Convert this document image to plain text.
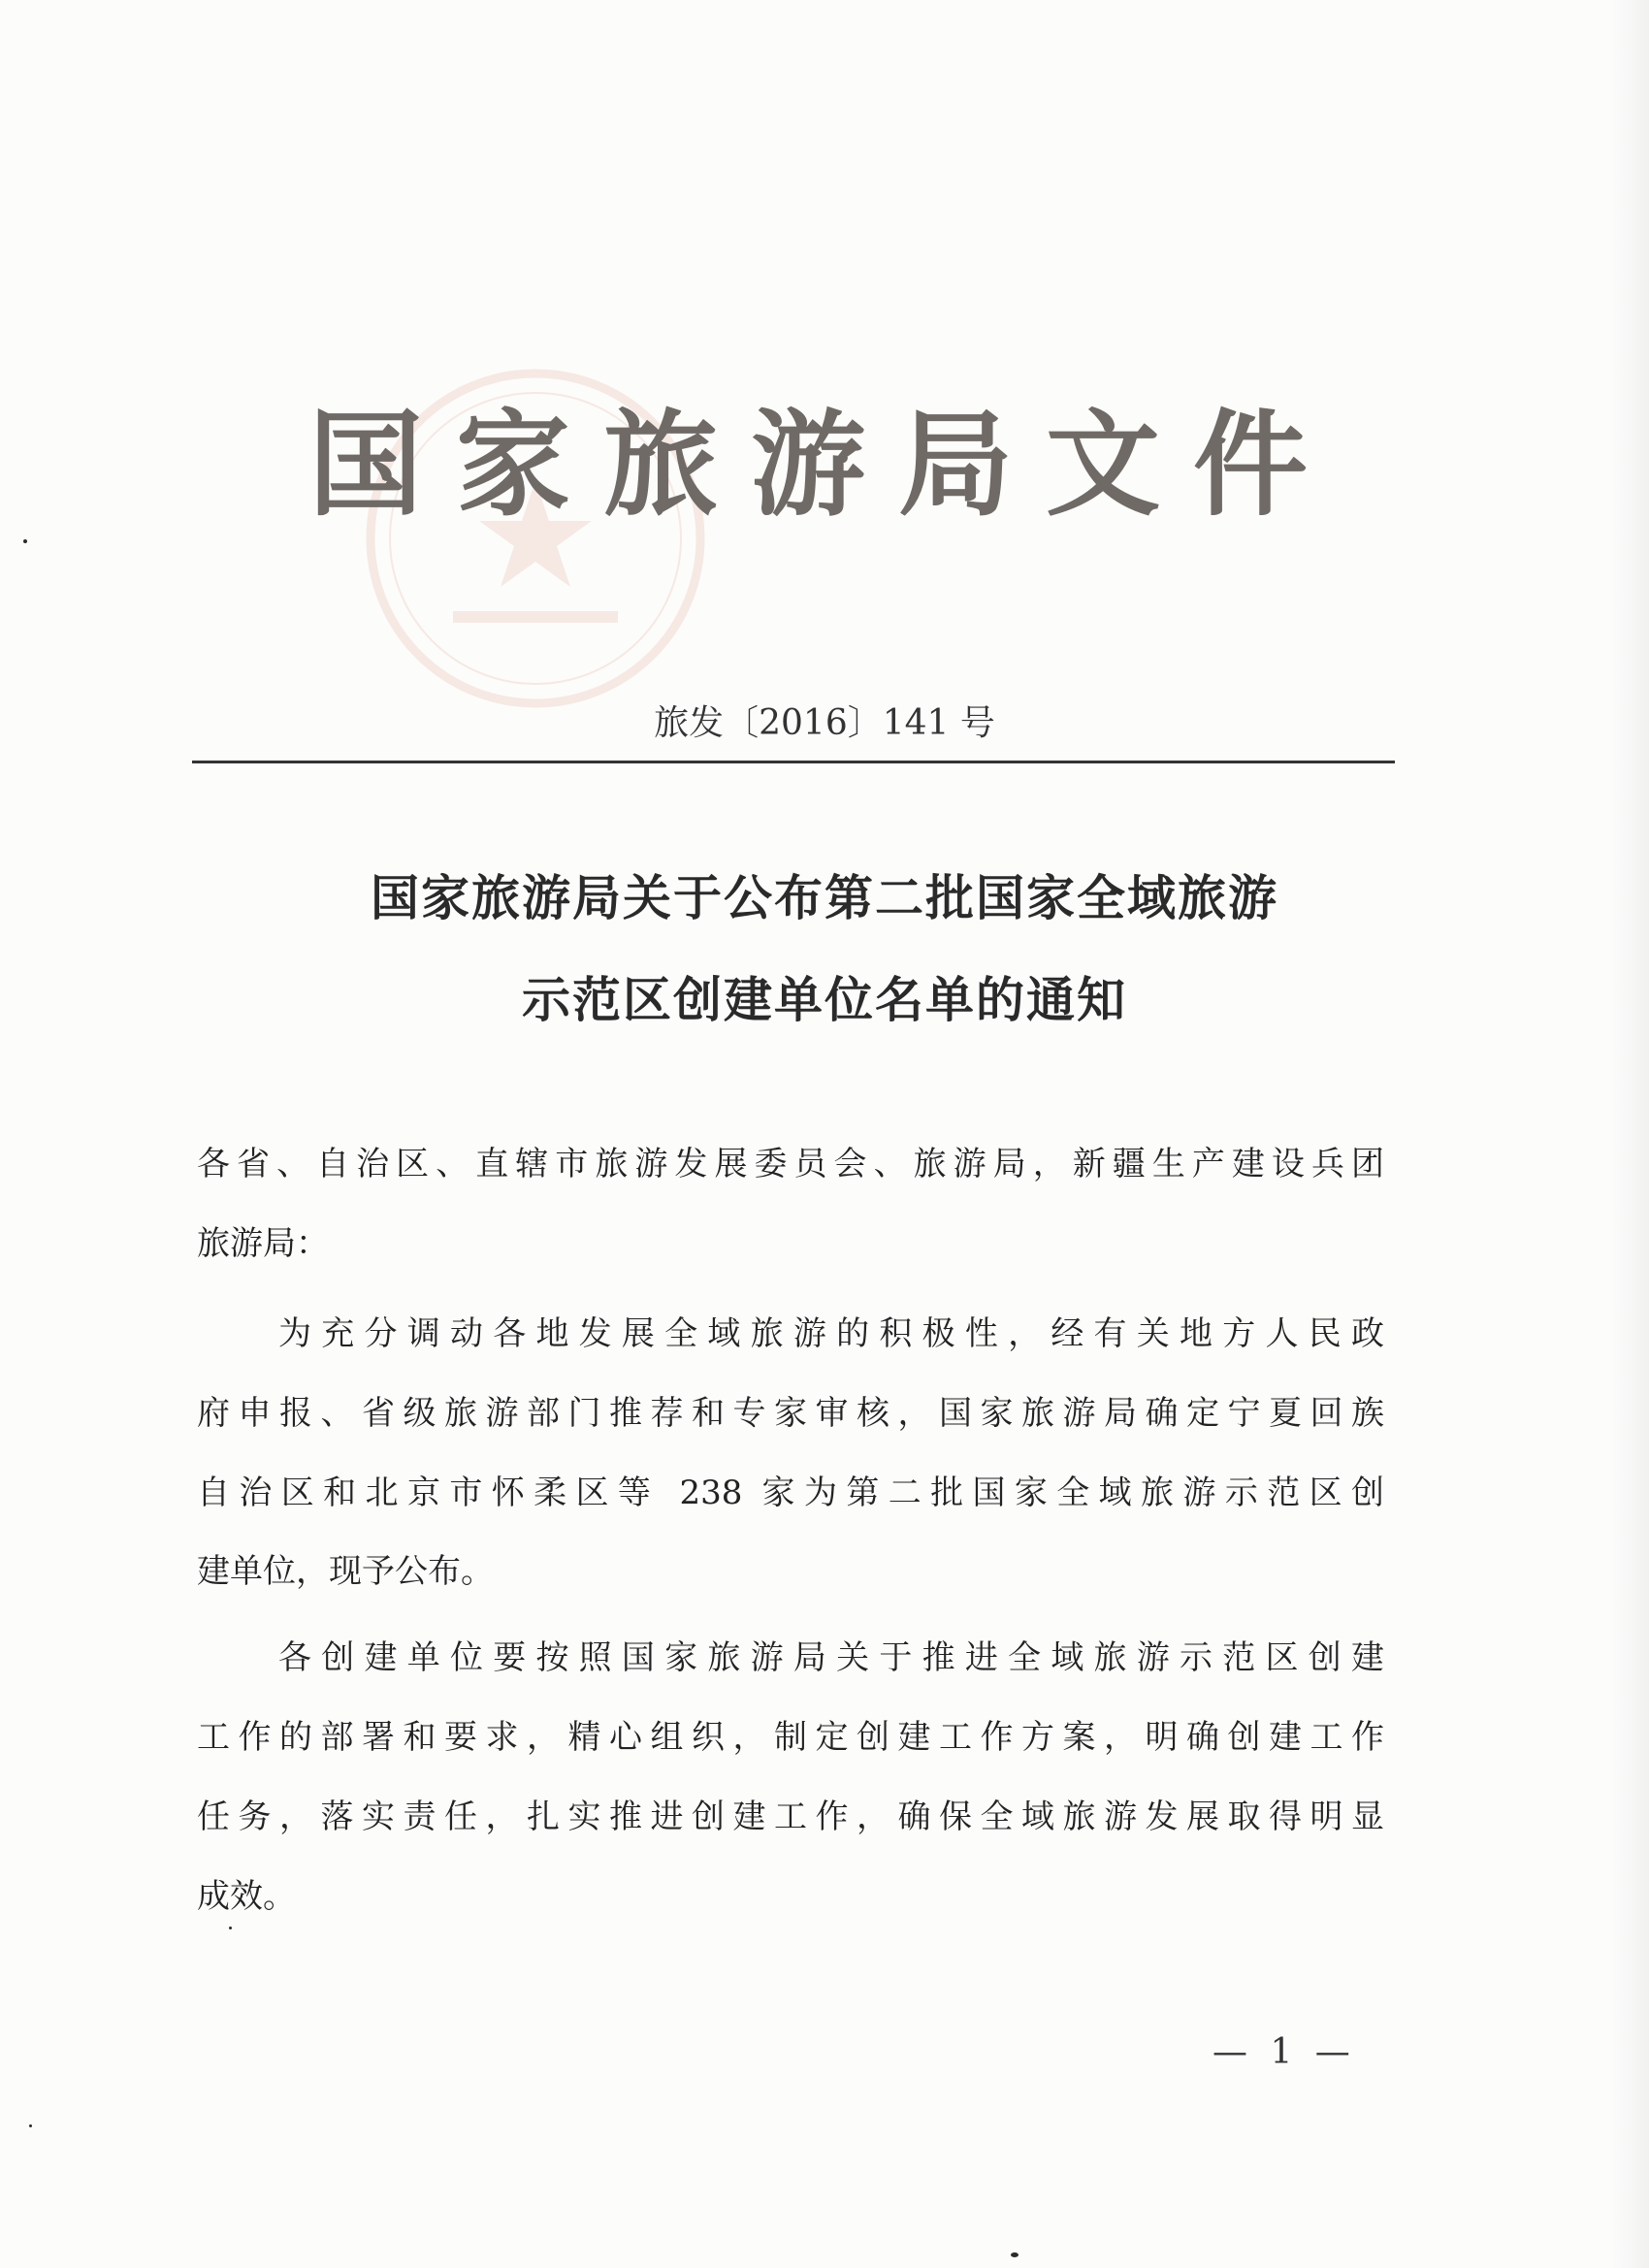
国家旅游局文件
旅发〔2016〕141 号
国家旅游局关于公布第二批国家全域旅游
示范区创建单位名单的通知
各省、自治区、直辖市旅游发展委员会、旅游局，新疆生产建设兵团
旅游局：
为充分调动各地发展全域旅游的积极性，经有关地方人民政
府申报、省级旅游部门推荐和专家审核，国家旅游局确定宁夏回族
自治区和北京市怀柔区等 238 家为第二批国家全域旅游示范区创
建单位，现予公布。
各创建单位要按照国家旅游局关于推进全域旅游示范区创建
工作的部署和要求，精心组织，制定创建工作方案，明确创建工作
任务，落实责任，扎实推进创建工作，确保全域旅游发展取得明显
成效。
— 1 —
